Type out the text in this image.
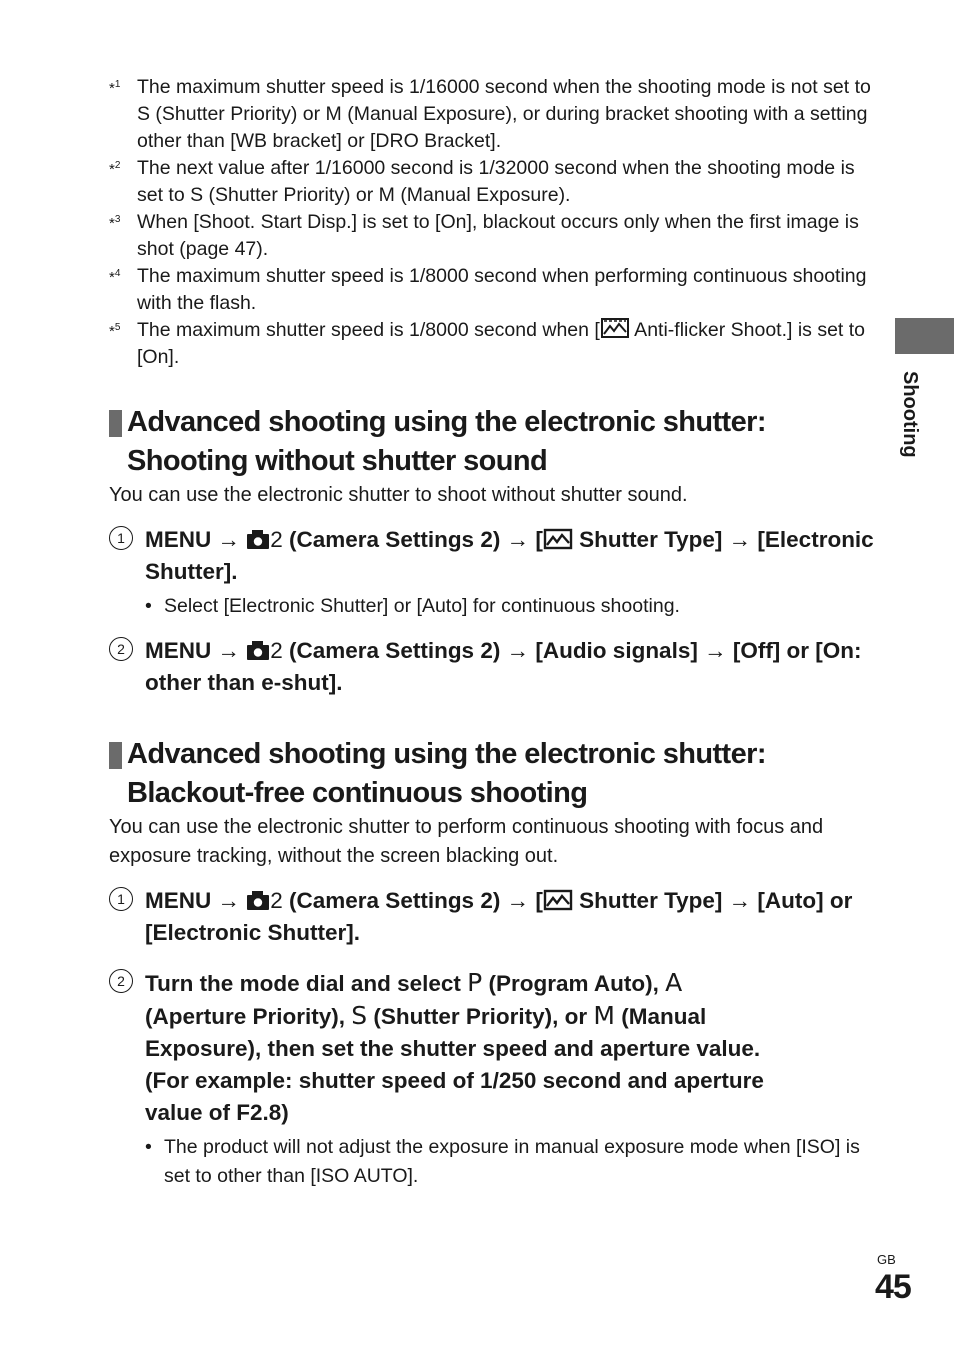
Shooting

*$^1$ The maximum shutter speed is 1/16000 second when the shooting mode is not set to S (Shutter Priority) or M (Manual Exposure), or during bracket shooting with a setting other than [WB bracket] or [DRO Bracket].

*$^2$ The next value after 1/16000 second is 1/32000 second when the shooting mode is set to S (Shutter Priority) or M (Manual Exposure).

*$^3$ When [Shoot. Start Disp.] is set to [On], blackout occurs only when the first image is shot (page 47).

*$^4$ The maximum shutter speed is 1/8000 second when performing continuous shooting with the flash.

*$^5$ The maximum shutter speed is 1/8000 second when [ Anti-flicker Shoot.] is set to [On].

Advanced shooting using the electronic shutter: Shooting without shutter sound

You can use the electronic shutter to shoot without shutter sound.

1 MENU → 2 (Camera Settings 2) → [ Shutter Type] → [Electronic Shutter].
• Select [Electronic Shutter] or [Auto] for continuous shooting.
2 MENU → 2 (Camera Settings 2) → [Audio signals] → [Off] or [On: other than e-shut].
Advanced shooting using the electronic shutter: Blackout-free continuous shooting

You can use the electronic shutter to perform continuous shooting with focus and exposure tracking, without the screen blacking out.

1 MENU → 2 (Camera Settings 2) → [ Shutter Type] → [Auto] or [Electronic Shutter].
2 Turn the mode dial and select P (Program Auto), A (Aperture Priority), S (Shutter Priority), or M (Manual Exposure), then set the shutter speed and aperture value. (For example: shutter speed of 1/250 second and aperture value of F2.8)
• The product will not adjust the exposure in manual exposure mode when [ISO] is set to other than [ISO AUTO].
GB
45
